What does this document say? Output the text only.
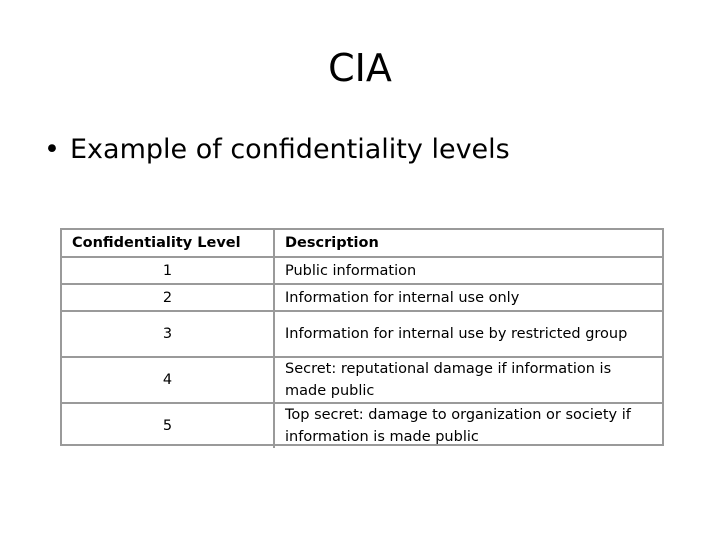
CIA
• Example of confidentiality levels
Confidentiality Level	Description
1	Public information
2	Information for internal use only
3	Information for internal use by restricted group
4	Secret: reputational damage if information is made public
5	Top secret: damage to organization or society if information is made public
